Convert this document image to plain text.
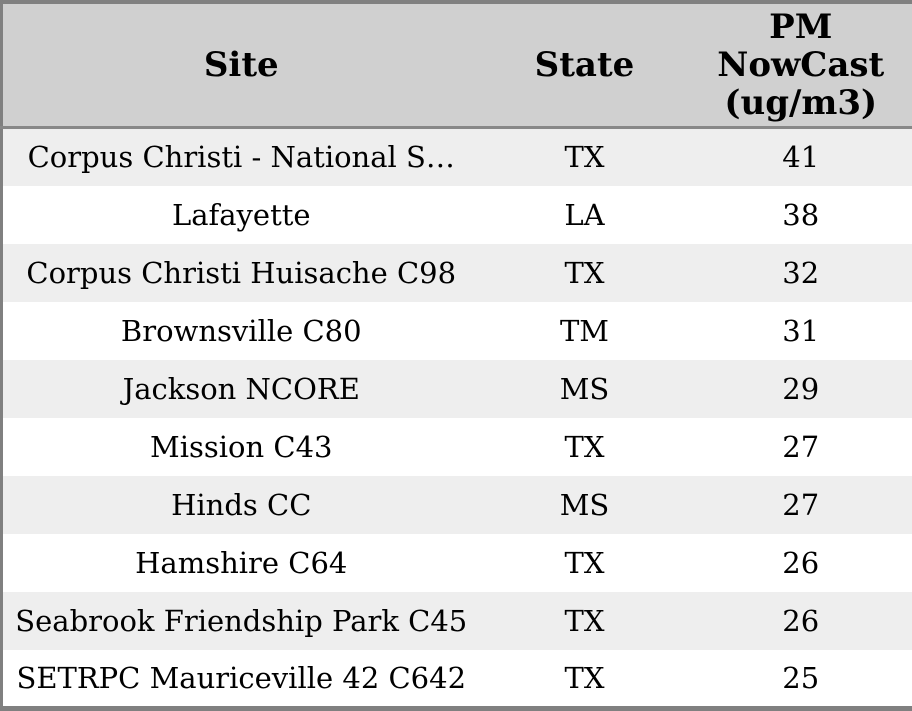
Site	State	PM NowCast (ug/m3)
Corpus Christi - National S…	TX	41
Lafayette	LA	38
Corpus Christi Huisache C98	TX	32
Brownsville C80	TM	31
Jackson NCORE	MS	29
Mission C43	TX	27
Hinds CC	MS	27
Hamshire C64	TX	26
Seabrook Friendship Park C45	TX	26
SETRPC Mauriceville 42 C642	TX	25
